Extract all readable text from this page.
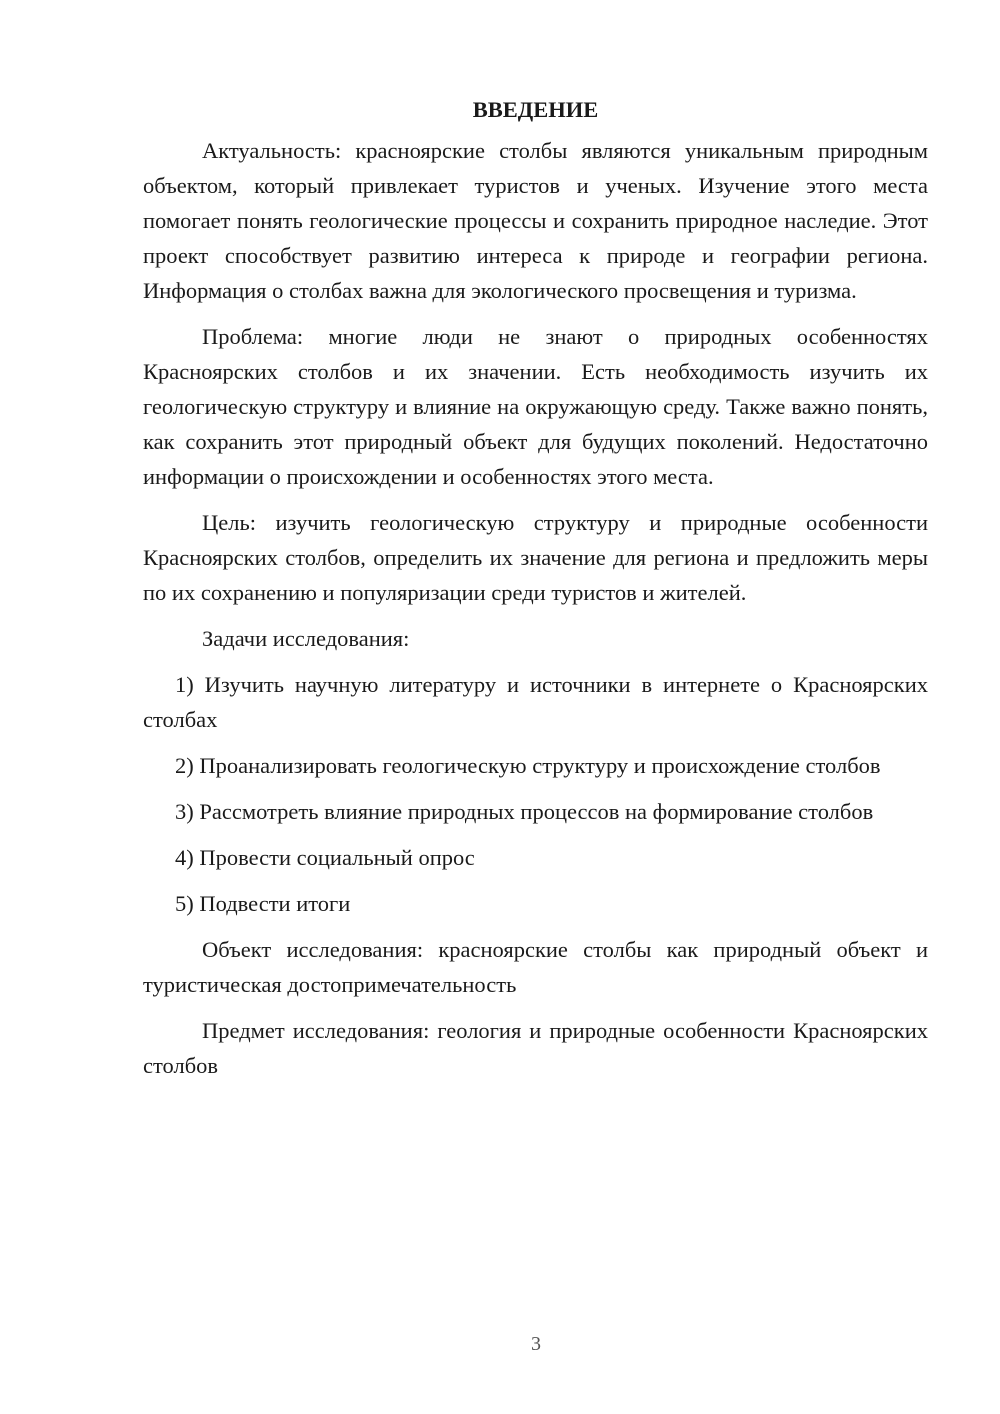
ВВЕДЕНИЕ

Актуальность: красноярские столбы являются уникальным природным объектом, который привлекает туристов и ученых. Изучение этого места помогает понять геологические процессы и сохранить природное наследие. Этот проект способствует развитию интереса к природе и географии региона. Информация о столбах важна для экологического просвещения и туризма.

Проблема: многие люди не знают о природных особенностях Красноярских столбов и их значении. Есть необходимость изучить их геологическую структуру и влияние на окружающую среду. Также важно понять, как сохранить этот природный объект для будущих поколений. Недостаточно информации о происхождении и особенностях этого места.

Цель: изучить геологическую структуру и природные особенности Красноярских столбов, определить их значение для региона и предложить меры по их сохранению и популяризации среди туристов и жителей.

Задачи исследования:

1) Изучить научную литературу и источники в интернете о Красноярских столбах

2) Проанализировать геологическую структуру и происхождение столбов

3) Рассмотреть влияние природных процессов на формирование столбов

4) Провести социальный опрос

5) Подвести итоги

Объект исследования: красноярские столбы как природный объект и туристическая достопримечательность

Предмет исследования: геология и природные особенности Красноярских столбов

3
